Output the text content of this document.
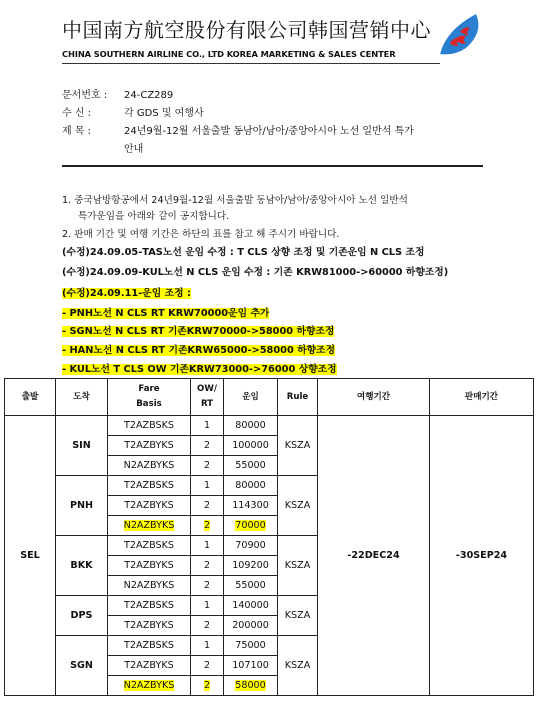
中国南方航空股份有限公司韩国营销中心
CHINA SOUTHERN AIRLINE CO., LTD KOREA MARKETING & SALES CENTER
문서번호 : 24-CZ289
수 신 :	각 GDS 및 여행사
제 목 :	24년9월-12월 서울출발 동남아/남아/중앙아시아 노선 일반석 특가
안내
1. 중국남방항공에서 24년9월-12월 서울출발 동남아/남아/중앙아시아 노선 일반석
특가운임을 아래와 같이 공지합니다.
2. 판매 기간 및 여행 기간은 하단의 표를 참고 해 주시기 바랍니다.
(수정)24.09.05-TAS노선 운임 수정 : T CLS 상향 조정 및 기존운임 N CLS 조정
(수정)24.09.09-KUL노선 N CLS 운임 수정 : 기존 KRW81000->60000 하향조정)
(수정)24.09.11-운임 조정 :
- PNH노선 N CLS RT KRW70000운임 추가
- SGN노선 N CLS RT 기존KRW70000->58000 하향조정
- HAN노선 N CLS RT 기존KRW65000->58000 하향조정
- KUL노선 T CLS OW 기존KRW73000->76000 상향조정
출발	도착	Fare
Basis	OW/
RT	운임	Rule	여행기간	판매기간
SEL	SIN	T2AZBSKS	1	80000	KSZA	-22DEC24	-30SEP24
		T2AZBYKS	2	100000			
		N2AZBYKS	2	55000			
	PNH	T2AZBSKS	1	80000	KSZA		
		T2AZBYKS	2	114300			
		N2AZBYKS	2	70000			
	BKK	T2AZBSKS	1	70900	KSZA		
		T2AZBYKS	2	109200			
		N2AZBYKS	2	55000			
	DPS	T2AZBSKS	1	140000	KSZA		
		T2AZBYKS	2	200000			
	SGN	T2AZBSKS	1	75000	KSZA		
		T2AZBYKS	2	107100			
		N2AZBYKS	2	58000			
